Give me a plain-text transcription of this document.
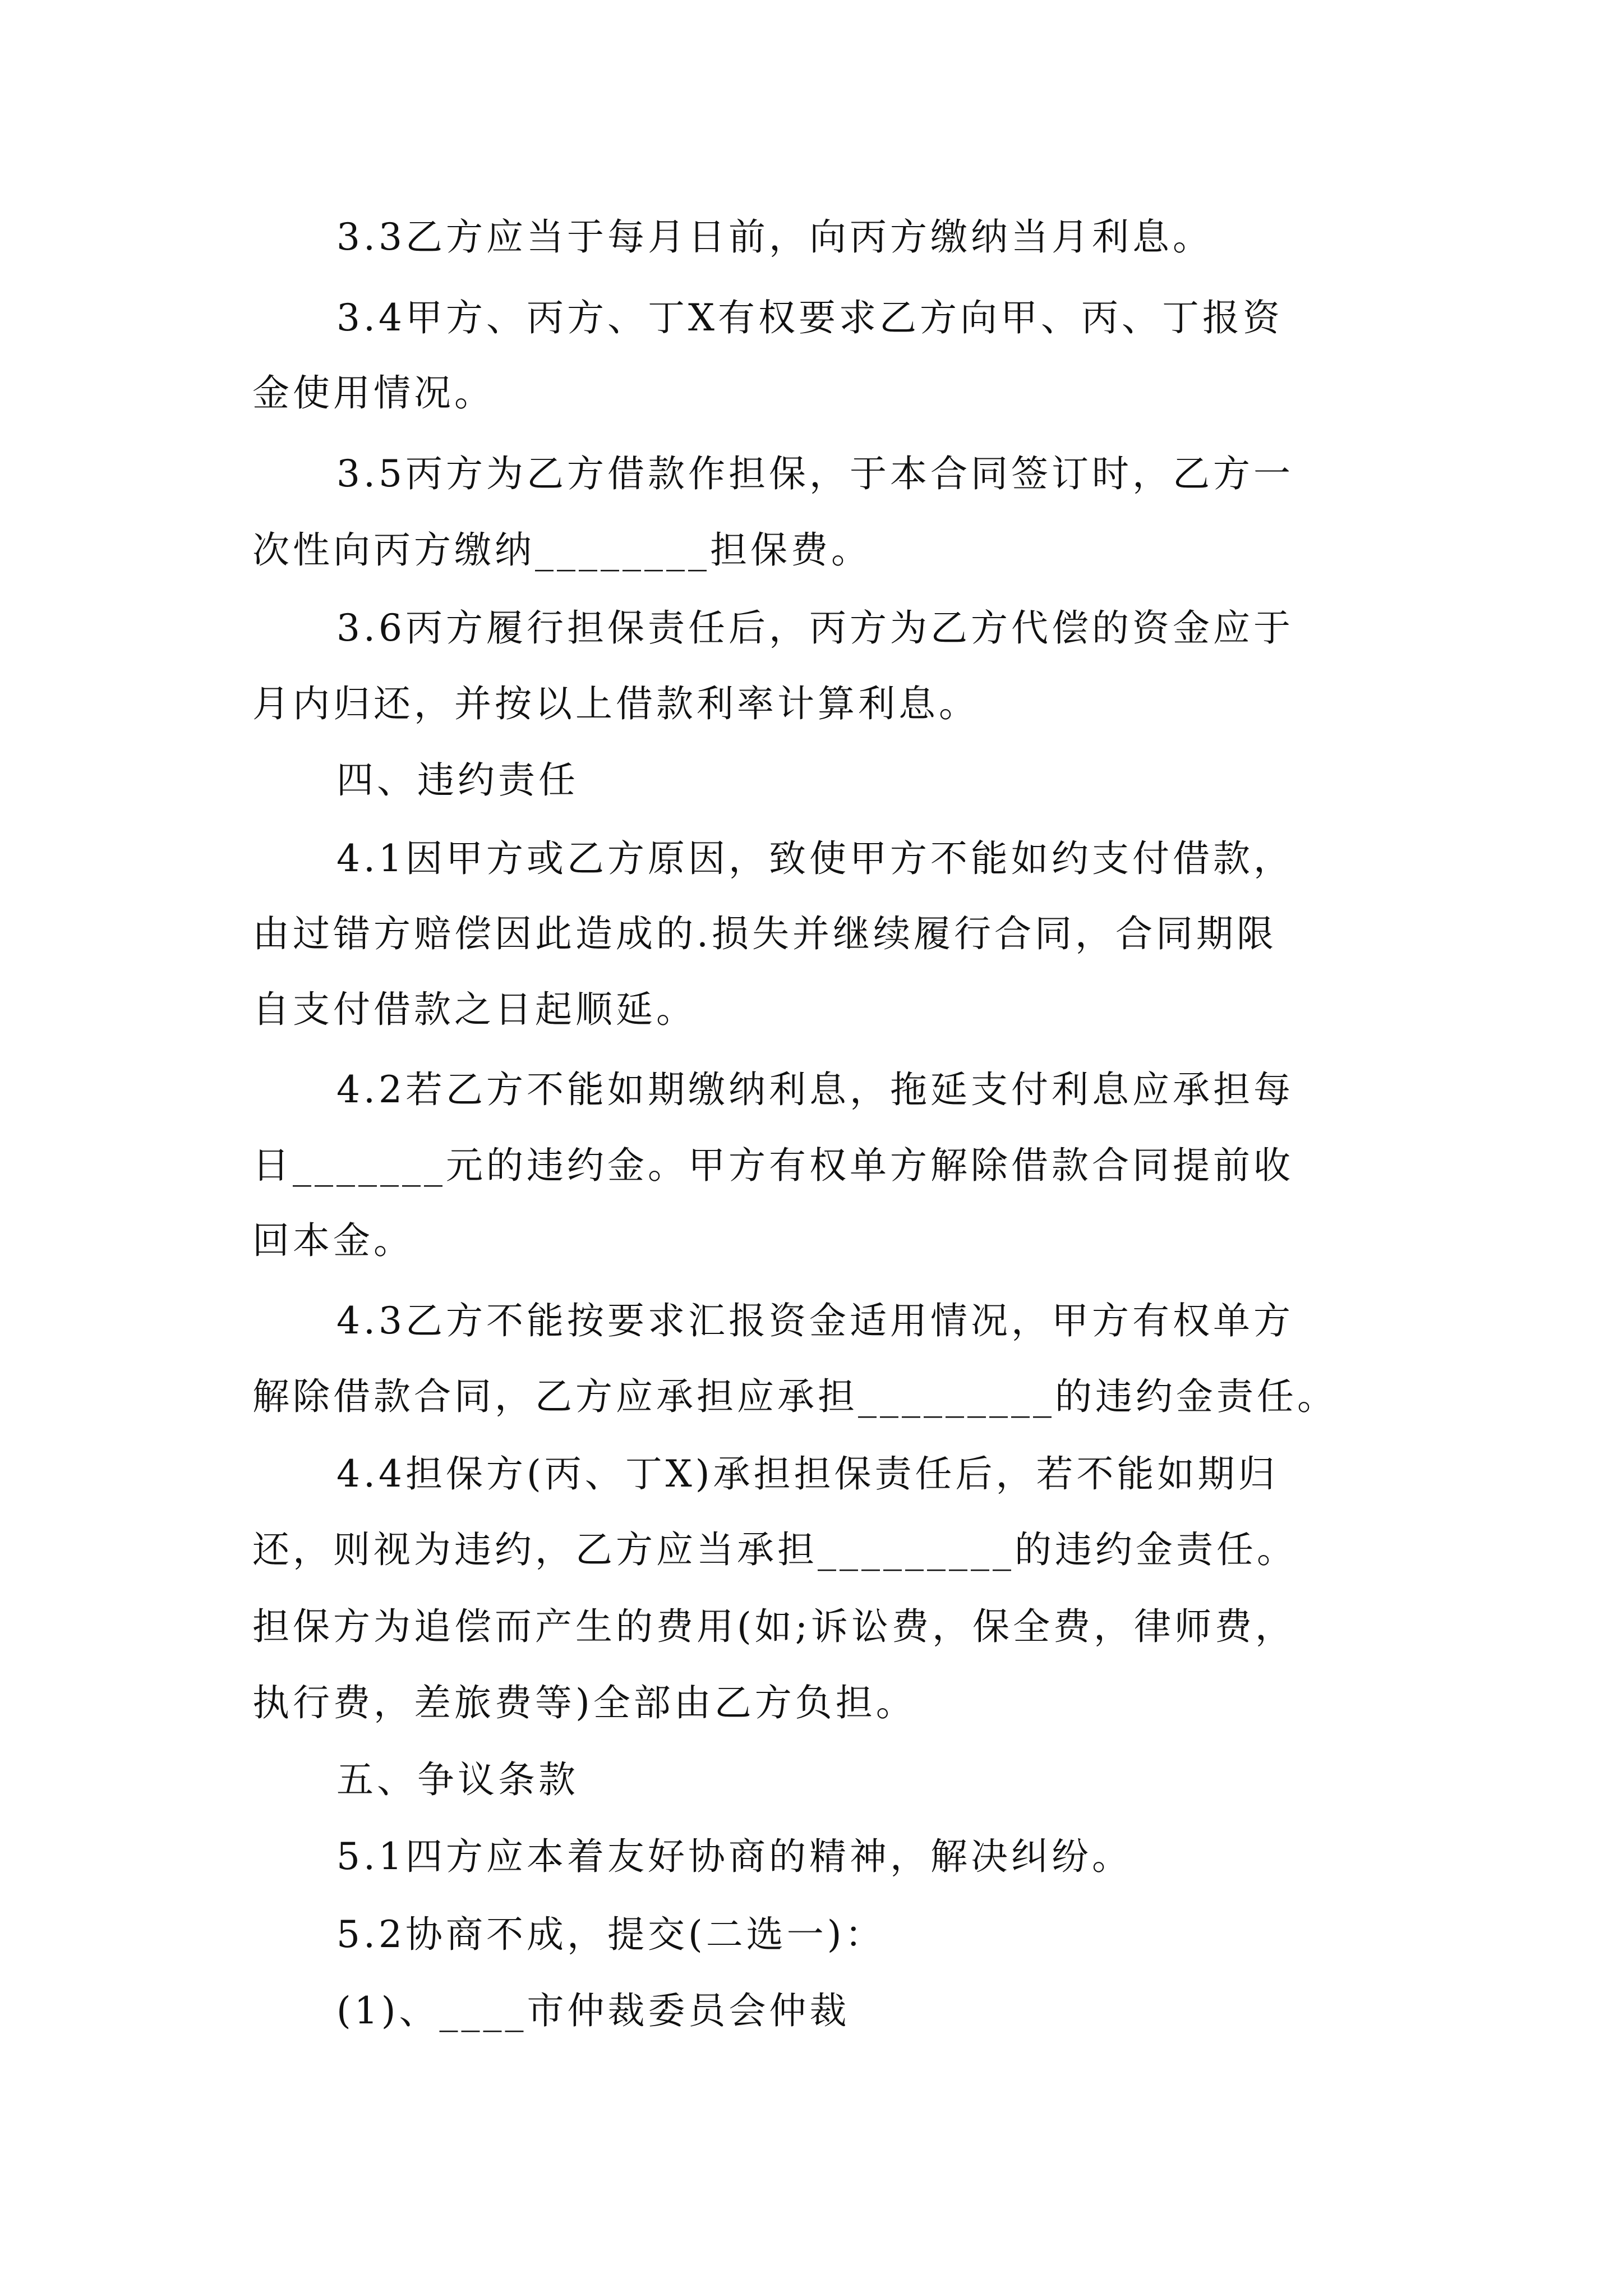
3.3乙方应当于每月日前，向丙方缴纳当月利息。

3.4甲方、丙方、丁X有权要求乙方向甲、丙、丁报资

金使用情况。

3.5丙方为乙方借款作担保，于本合同签订时，乙方一

次性向丙方缴纳________担保费。

3.6丙方履行担保责任后，丙方为乙方代偿的资金应于

月内归还，并按以上借款利率计算利息。

四、违约责任

4.1因甲方或乙方原因，致使甲方不能如约支付借款，

由过错方赔偿因此造成的.损失并继续履行合同，合同期限

自支付借款之日起顺延。

4.2若乙方不能如期缴纳利息，拖延支付利息应承担每

日_______元的违约金。甲方有权单方解除借款合同提前收

回本金。

4.3乙方不能按要求汇报资金适用情况，甲方有权单方

解除借款合同，乙方应承担应承担_________的违约金责任。

4.4担保方(丙、丁X)承担担保责任后，若不能如期归

还，则视为违约，乙方应当承担_________的违约金责任。

担保方为追偿而产生的费用(如;诉讼费，保全费，律师费，

执行费，差旅费等)全部由乙方负担。

五、争议条款

5.1四方应本着友好协商的精神，解决纠纷。

5.2协商不成，提交(二选一)：

(1)、____市仲裁委员会仲裁
